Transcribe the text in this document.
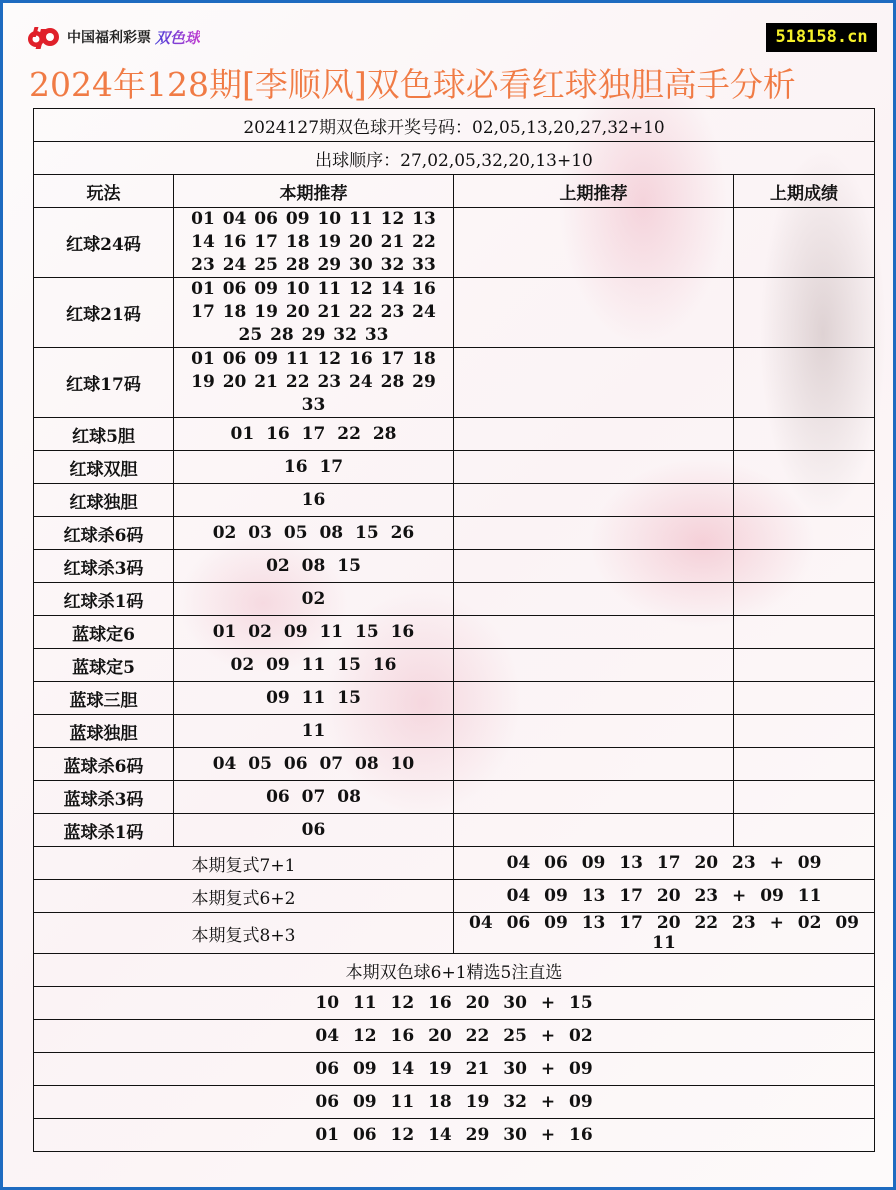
中国福利彩票 双色球	518158.cn
2024年128期[李顺风]双色球必看红球独胆高手分析
2024127期双色球开奖号码：02,05,13,20,27,32+10			
出球顺序：27,02,05,32,20,13+10			
玩法	本期推荐	上期推荐	上期成绩
红球24码	01 04 06 09 10 11 12 13 14 16 17 18 19 20 21 22 23 24 25 28 29 30 32 33		
红球21码	01 06 09 10 11 12 14 16 17 18 19 20 21 22 23 24 25 28 29 32 33		
红球17码	01 06 09 11 12 16 17 18 19 20 21 22 23 24 28 29 33		
红球5胆	01 16 17 22 28		
红球双胆	16 17		
红球独胆	16		
红球杀6码	02 03 05 08 15 26		
红球杀3码	02 08 15		
红球杀1码	02		
蓝球定6	01 02 09 11 15 16		
蓝球定5	02 09 11 15 16		
蓝球三胆	09 11 15		
蓝球独胆	11		
蓝球杀6码	04 05 06 07 08 10		
蓝球杀3码	06 07 08		
蓝球杀1码	06		
本期复式7+1		04 06 09 13 17 20 23 + 09	
本期复式6+2		04 09 13 17 20 23 + 09 11	
本期复式8+3		04 06 09 13 17 20 22 23 + 02 09 11	
本期双色球6+1精选5注直选			
10 11 12 16 20 30 + 15			
04 12 16 20 22 25 + 02			
06 09 14 19 21 30 + 09			
06 09 11 18 19 32 + 09			
01 06 12 14 29 30 + 16			
